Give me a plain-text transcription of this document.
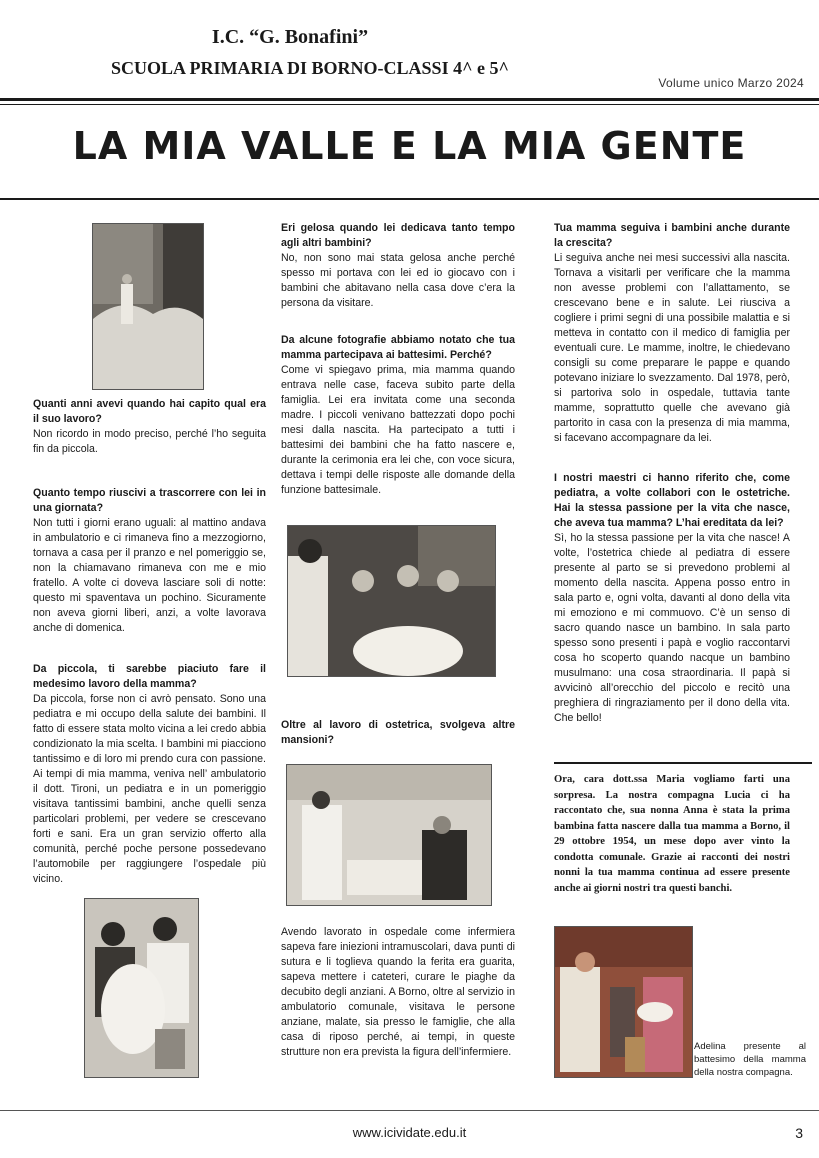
I.C. “G. Bonafini”
SCUOLA PRIMARIA DI BORNO-CLASSI 4^ e 5^
Volume unico Marzo 2024
LA MIA VALLE E LA MIA GENTE
Quanti anni avevi quando hai capito qual era il suo lavoro?
Non ricordo in modo preciso, perché l’ho seguita fin da piccola.
Quanto tempo riuscivi a trascorrere con lei in una giornata?
Non tutti i giorni erano uguali: al mattino andava in ambulatorio e ci rimaneva fino a mezzogiorno, tornava a casa per il pranzo e nel pomeriggio se, non la chiamavano rimaneva con me e mio fratello. A volte ci doveva lasciare soli di notte: questo mi spaventava un pochino. Sicuramente non aveva giorni liberi, anzi, a volte lavorava anche di domenica.
Da piccola, ti sarebbe piaciuto fare il medesimo lavoro della mamma?
Da piccola, forse non ci avrò pensato. Sono una pediatra e mi occupo della salute dei bambini. Il fatto di essere stata molto vicina a lei credo abbia condizionato la mia scelta. I bambini mi piacciono tantissimo e di loro mi prendo cura con passione. Ai tempi di mia mamma, veniva nell’ ambulatorio il dott. Tironi, un pediatra e in un pomeriggio visitava tantissimi bambini, anche quelli senza particolari problemi, per vedere se crescevano forti e sani. Era un gran servizio offerto alla comunità, perché poche persone possedevano l’automobile per raggiungere l’ospedale più vicino.
Eri gelosa quando lei dedicava tanto tempo agli altri bambini?
No, non sono mai stata gelosa anche perché spesso mi portava con lei ed io giocavo con i bambini che abitavano nella casa dove c’era la persona da visitare.
Da alcune fotografie abbiamo notato che tua mamma partecipava ai battesimi. Perché?
Come vi spiegavo prima, mia mamma quando entrava nelle case, faceva subito parte della famiglia. Lei era invitata come una seconda madre. I piccoli venivano battezzati dopo pochi mesi dalla nascita. Ha partecipato a tutti i battesimi dei bambini che ha fatto nascere e, durante la cerimonia era lei che, con voce sicura, dettava i tempi delle risposte alle domande della funzione battesimale.
Oltre al lavoro di ostetrica, svolgeva altre mansioni?
Avendo lavorato in ospedale come infermiera sapeva fare iniezioni intramuscolari, dava punti di sutura e li toglieva quando la ferita era guarita, sapeva mettere i cateteri, curare le piaghe da decubito degli anziani. A Borno, oltre al servizio in ambulatorio comunale, visitava le persone anziane, malate, sia presso le famiglie, che alla casa di riposo perché, ai tempi, in queste strutture non era prevista la figura dell’infermiere.
Tua mamma seguiva i bambini anche durante la crescita?
Li seguiva anche nei mesi successivi alla nascita. Tornava a visitarli per verificare che la mamma non avesse problemi con l’allattamento, se crescevano bene e in salute. Lei riusciva a cogliere i primi segni di una possibile malattia e si metteva in contatto con il medico di famiglia per eventuali cure. Le mamme, inoltre, le chiedevano consigli su come preparare le pappe e quando potevano iniziare lo svezzamento. Dal 1978, però, si partoriva solo in ospedale, tuttavia tante mamme, soprattutto quelle che avevano già partorito in casa con la presenza di mia mamma, si facevano accompagnare da lei.
I nostri maestri ci hanno riferito che, come pediatra, a volte collabori con le ostetriche. Hai la stessa passione per la vita che nasce, che aveva tua mamma? L’hai ereditata da lei?
Sì, ho la stessa passione per la vita che nasce! A volte, l’ostetrica chiede al pediatra di essere presente al parto se si prevedono problemi al momento della nascita. Appena posso entro in sala parto e, ogni volta, davanti al dono della vita mi emoziono e mi commuovo. C’è un senso di sacro quando nasce un bambino. In sala parto spesso sono presenti i papà e voglio raccontarvi cosa ho scoperto quando nacque un bambino musulmano: una cosa straordinaria. Il papà si avvicinò all’orecchio del piccolo e recitò una preghiera di ringraziamento per il dono della vita. Che bello!
Ora, cara dott.ssa Maria vogliamo farti una sorpresa. La nostra compagna Lucia ci ha raccontato che, sua nonna Anna è stata la prima bambina fatta nascere dalla tua mamma a Borno, il 29 ottobre 1954, un mese dopo aver vinto la condotta comunale. Grazie ai racconti dei nostri nonni la tua mamma continua ad essere presente anche ai giorni nostri tra questi banchi.
Adelina presente al battesimo della mamma della nostra compagna.
www.icividate.edu.it	3
